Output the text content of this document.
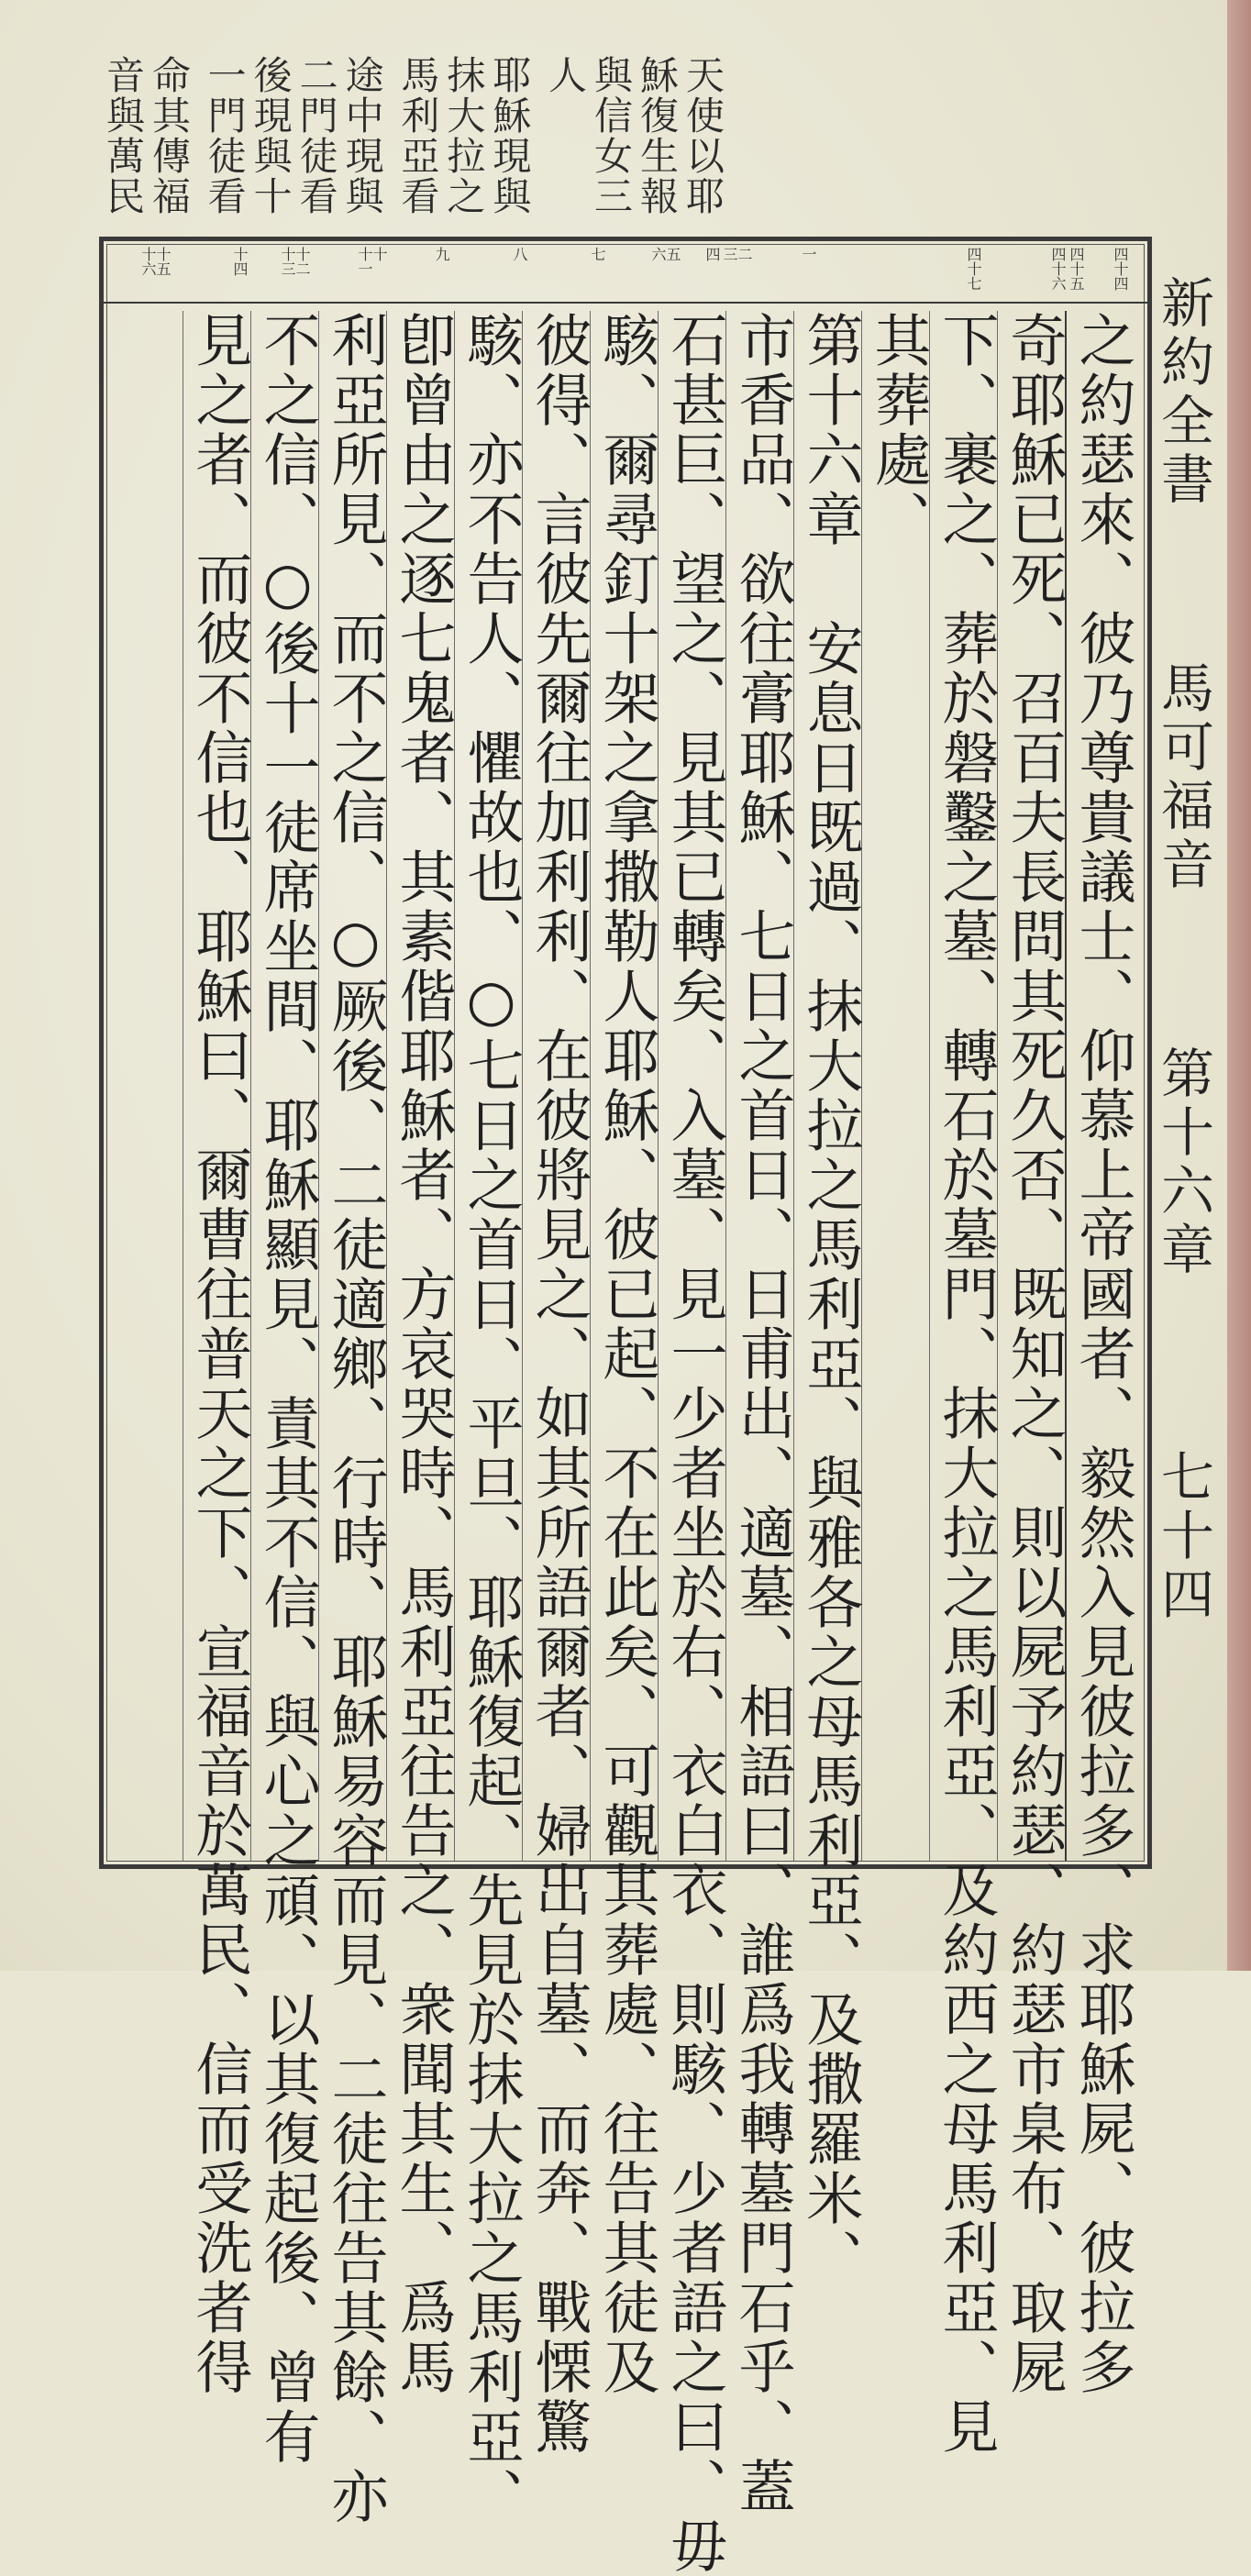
天使以耶
穌復生報
與信女三
人
耶穌現與
抹大拉之
馬利亞看
途中現與
二門徒看
後現與十
一門徒看
命其傳福
音與萬民
四十四
四十五
四十六
四十七
一
二
三
四
五
六
七
八
九
十
十一
十二
十三
十四
十五
十六
之約瑟來、彼乃尊貴議士、仰慕上帝國者、毅然入見彼拉多、求耶穌屍、彼拉多
奇耶穌已死、召百夫長問其死久否、既知之、則以屍予約瑟、約瑟市臬布、取屍
下、裹之、葬於磐鑿之墓、轉石於墓門、抹大拉之馬利亞、及約西之母馬利亞、見
其葬處、
第十六章 安息日既過、抹大拉之馬利亞、與雅各之母馬利亞、及撒羅米、
市香品、欲往膏耶穌、七日之首日、日甫出、適墓、相語曰、誰爲我轉墓門石乎、蓋
石甚巨、望之、見其已轉矣、入墓、見一少者坐於右、衣白衣、則駭、少者語之曰、毋
駭、爾尋釘十架之拿撒勒人耶穌、彼已起、不在此矣、可觀其葬處、往告其徒及
彼得、言彼先爾往加利利、在彼將見之、如其所語爾者、婦出自墓、而奔、戰慄驚
駭、亦不告人、懼故也、○七日之首日、平旦、耶穌復起、先見於抹大拉之馬利亞、
卽曾由之逐七鬼者、其素偕耶穌者、方哀哭時、馬利亞往告之、衆聞其生、爲馬
利亞所見、而不之信、○厥後、二徒適鄉、行時、耶穌易容而見、二徒往告其餘、亦
不之信、○後十一徒席坐間、耶穌顯見、責其不信、與心之頑、以其復起後、曾有
見之者、而彼不信也、耶穌曰、爾曹往普天之下、宣福音於萬民、信而受洗者得	新約全書
馬可福音
第十六章
七十四
